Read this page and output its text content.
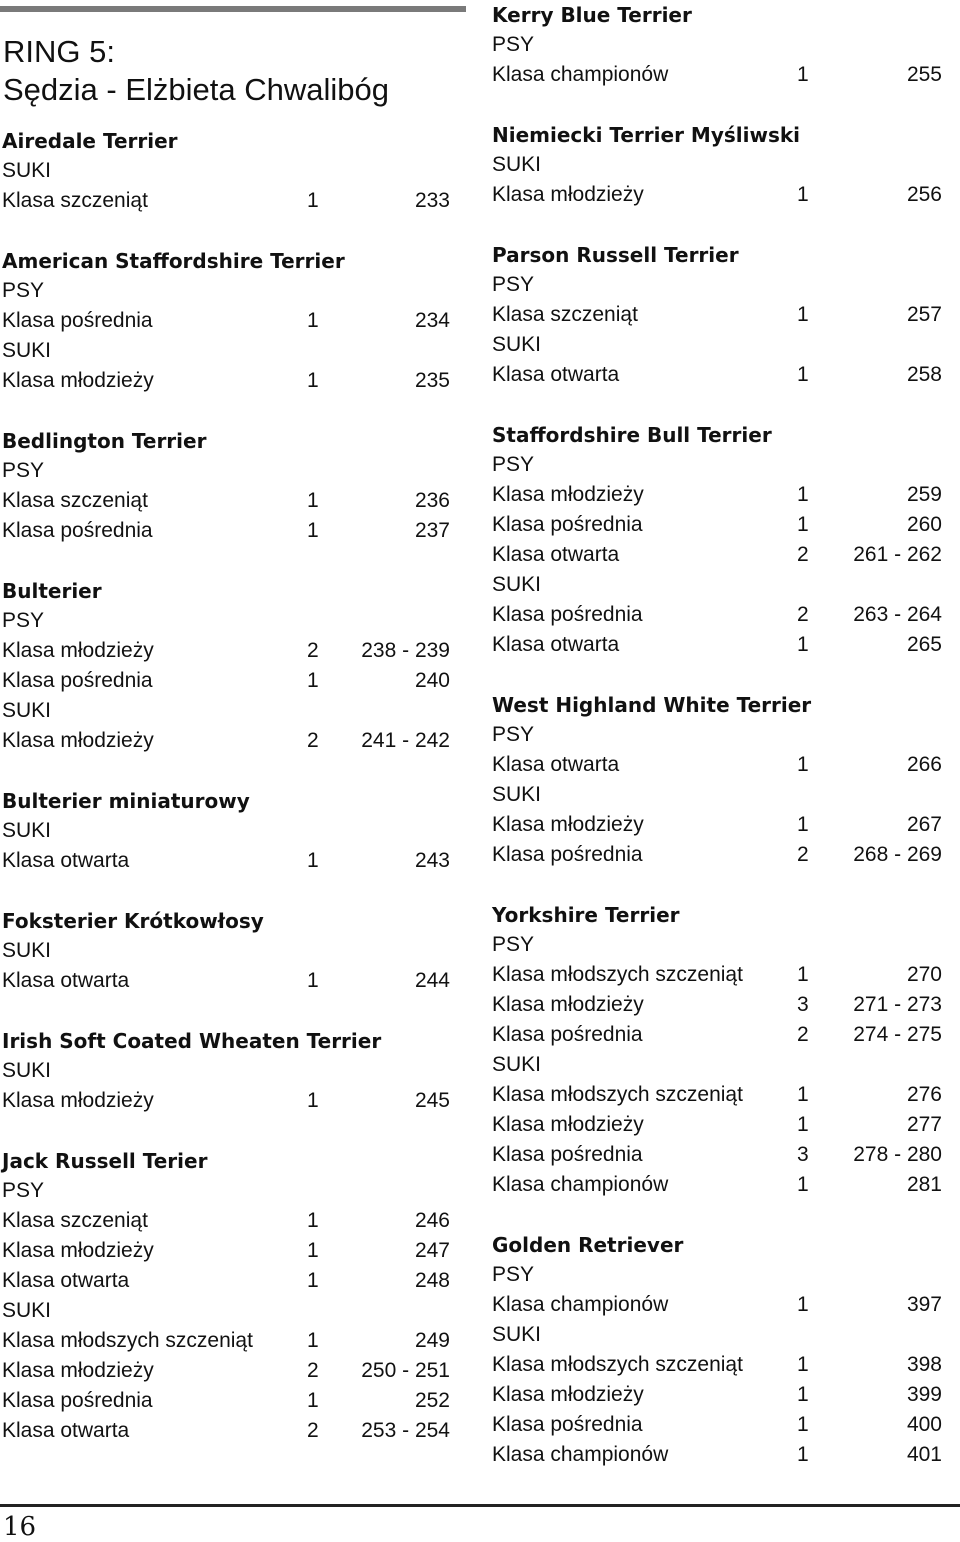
RING 5:
Sędzia - Elżbieta Chwalibóg
Airedale Terrier
SUKI
Klasa szczeniąt	1	233
American Staffordshire Terrier
PSY
Klasa pośrednia	1	234
SUKI
Klasa młodzieży	1	235
Bedlington Terrier
PSY
Klasa szczeniąt	1	236
Klasa pośrednia	1	237
Bulterier
PSY
Klasa młodzieży	2	238 - 239
Klasa pośrednia	1	240
SUKI
Klasa młodzieży	2	241 - 242
Bulterier miniaturowy
SUKI
Klasa otwarta	1	243
Foksterier Krótkowłosy
SUKI
Klasa otwarta	1	244
Irish Soft Coated Wheaten Terrier
SUKI
Klasa młodzieży	1	245
Jack Russell Terier
PSY
Klasa szczeniąt	1	246
Klasa młodzieży	1	247
Klasa otwarta	1	248
SUKI
Klasa młodszych szczeniąt	1	249
Klasa młodzieży	2	250 - 251
Klasa pośrednia	1	252
Klasa otwarta	2	253 - 254
Kerry Blue Terrier
PSY
Klasa championów	1	255
Niemiecki Terrier Myśliwski
SUKI
Klasa młodzieży	1	256
Parson Russell Terrier
PSY
Klasa szczeniąt	1	257
SUKI
Klasa otwarta	1	258
Staffordshire Bull Terrier
PSY
Klasa młodzieży	1	259
Klasa pośrednia	1	260
Klasa otwarta	2	261 - 262
SUKI
Klasa pośrednia	2	263 - 264
Klasa otwarta	1	265
West Highland White Terrier
PSY
Klasa otwarta	1	266
SUKI
Klasa młodzieży	1	267
Klasa pośrednia	2	268 - 269
Yorkshire Terrier
PSY
Klasa młodszych szczeniąt	1	270
Klasa młodzieży	3	271 - 273
Klasa pośrednia	2	274 - 275
SUKI
Klasa młodszych szczeniąt	1	276
Klasa młodzieży	1	277
Klasa pośrednia	3	278 - 280
Klasa championów	1	281
Golden Retriever
PSY
Klasa championów	1	397
SUKI
Klasa młodszych szczeniąt	1	398
Klasa młodzieży	1	399
Klasa pośrednia	1	400
Klasa championów	1	401
16
